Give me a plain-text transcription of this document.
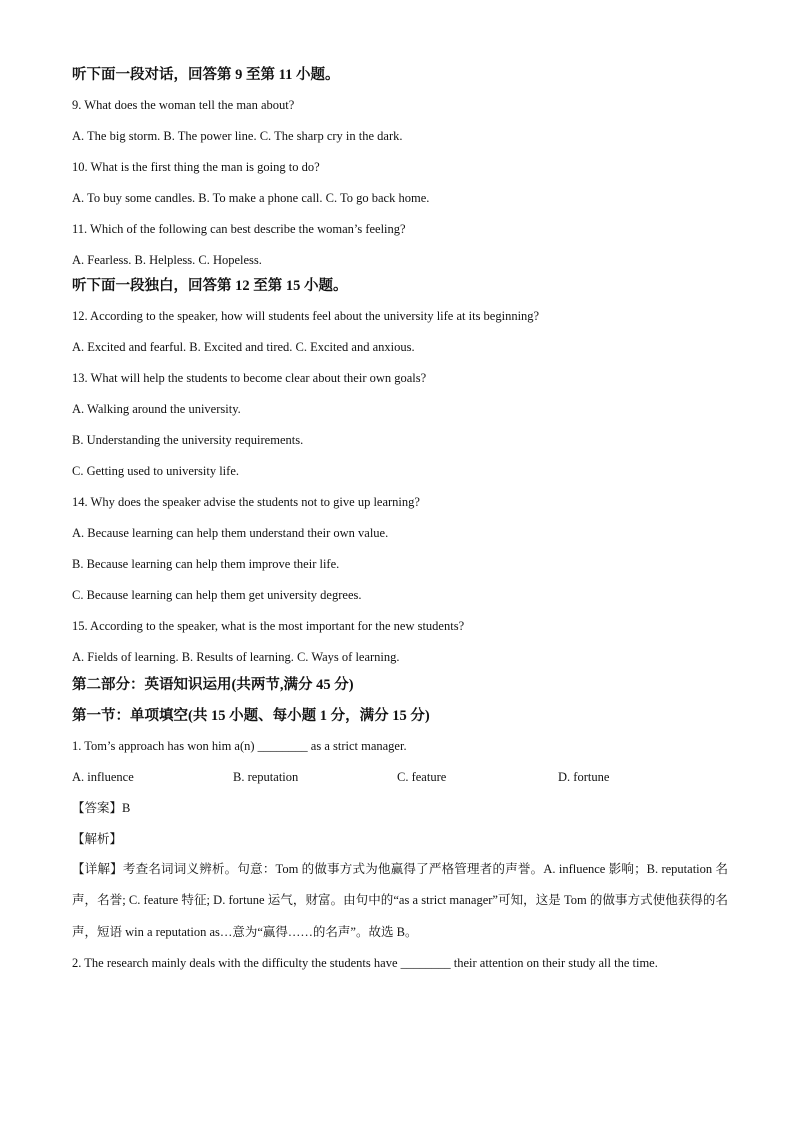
听下面一段对话，回答第 9 至第 11 小题。
9. What does the woman tell the man about?
A. The big storm. B. The power line. C. The sharp cry in the dark.
10. What is the first thing the man is going to do?
A. To buy some candles. B. To make a phone call. C. To go back home.
11. Which of the following can best describe the woman’s feeling?
A. Fearless. B. Helpless. C. Hopeless.
听下面一段独白，回答第 12 至第 15 小题。
12. According to the speaker, how will students feel about the university life at its beginning?
A. Excited and fearful. B. Excited and tired. C. Excited and anxious.
13. What will help the students to become clear about their own goals?
A. Walking around the university.
B. Understanding the university requirements.
C. Getting used to university life.
14. Why does the speaker advise the students not to give up learning?
A. Because learning can help them understand their own value.
B. Because learning can help them improve their life.
C. Because learning can help them get university degrees.
15. According to the speaker, what is the most important for the new students?
A. Fields of learning. B. Results of learning. C. Ways of learning.
第二部分：英语知识运用(共两节,满分 45 分)
第一节：单项填空(共 15 小题、每小题 1 分，满分 15 分)
1. Tom’s approach has won him a(n) ________ as a strict manager.
A. influence	B. reputation	C. feature	D. fortune
【答案】B
【解析】
【详解】考查名词词义辨析。句意：Tom 的做事方式为他赢得了严格管理者的声誉。A. influence 影响；B. reputation 名声，名誉; C. feature 特征; D. fortune 运气，财富。由句中的“as a strict manager”可知，这是 Tom 的做事方式使他获得的名声，短语 win a reputation as…意为“赢得……的名声”。故选 B。
2. The research mainly deals with the difficulty the students have ________ their attention on their study all the time.
